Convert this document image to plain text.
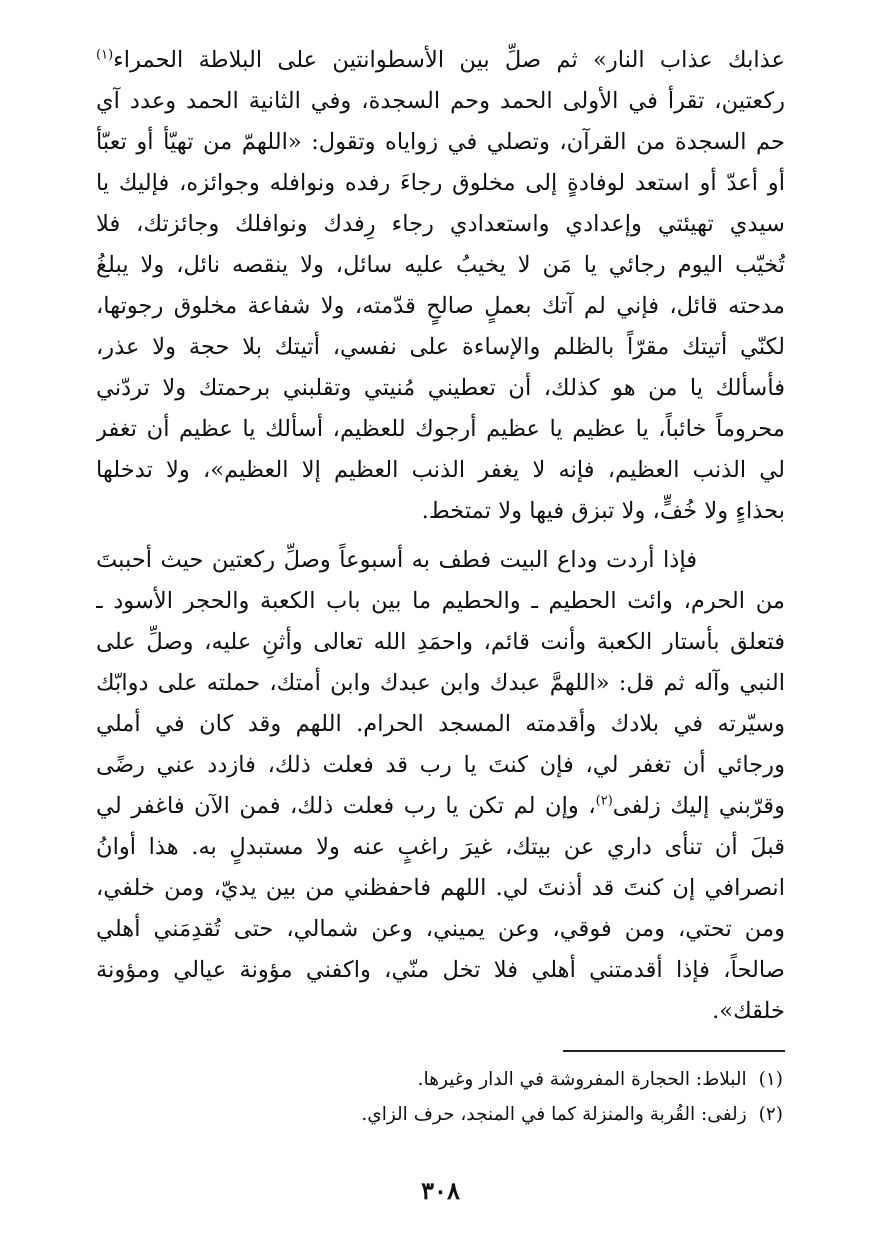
عذابك عذاب النار» ثم صلِّ بين الأسطوانتين على البلاطة الحمراء$^{(١)}$
ركعتين، تقرأ في الأولى الحمد وحم السجدة، وفي الثانية الحمد وعدد آي
حم السجدة من القرآن، وتصلي في زواياه وتقول: «اللهمّ من تهيّأ أو تعبّأ
أو أعدّ أو استعد لوفادةٍ إلى مخلوق رجاءَ رفده ونوافله وجوائزه، فإليك يا
سيدي تهيئتي وإعدادي واستعدادي رجاء رِفدك ونوافلك وجائزتك، فلا
تُخيّب اليوم رجائي يا مَن لا يخيبُ عليه سائل، ولا ينقصه نائل، ولا يبلغُ
مدحته قائل، فإني لم آتك بعملٍ صالحٍ قدّمته، ولا شفاعة مخلوق رجوتها،
لكنّي أتيتك مقرّاً بالظلم والإساءة على نفسي، أتيتك بلا حجة ولا عذر،
فأسألك يا من هو كذلك، أن تعطيني مُنيتي وتقلبني برحمتك ولا تردّني
محروماً خائباً، يا عظيم يا عظيم أرجوك للعظيم، أسألك يا عظيم أن تغفر
لي الذنب العظيم، فإنه لا يغفر الذنب العظيم إلا العظيم»، ولا تدخلها
بحذاءٍ ولا خُفٍّ، ولا تبزق فيها ولا تمتخط.
فإذا أردت وداع البيت فطف به أسبوعاً وصلِّ ركعتين حيث أحببتَ
من الحرم، وائت الحطيم ـ والحطيم ما بين باب الكعبة والحجر الأسود ـ
فتعلق بأستار الكعبة وأنت قائم، واحمَدِ الله تعالى وأثنِ عليه، وصلِّ على
النبي وآله ثم قل: «اللهمَّ عبدك وابن عبدك وابن أمتك، حملته على دوابّك
وسيّرته في بلادك وأقدمته المسجد الحرام. اللهم وقد كان في أملي
ورجائي أن تغفر لي، فإن كنتَ يا رب قد فعلت ذلك، فازدد عني رضًى
وقرّبني إليك زلفى$^{(٢)}$، وإن لم تكن يا رب فعلت ذلك، فمن الآن فاغفر لي
قبلَ أن تنأى داري عن بيتك، غيرَ راغبٍ عنه ولا مستبدلٍ به. هذا أوانُ
انصرافي إن كنتَ قد أذنتَ لي. اللهم فاحفظني من بين يديّ، ومن خلفي،
ومن تحتي، ومن فوقي، وعن يميني، وعن شمالي، حتى تُقدِمَني أهلي
صالحاً، فإذا أقدمتني أهلي فلا تخل منّي، واكفني مؤونة عيالي ومؤونة
خلقك».
(١)البلاط: الحجارة المفروشة في الدار وغيرها.
(٢)زلفى: القُربة والمنزلة كما في المنجد، حرف الزاي.
٣٠٨
